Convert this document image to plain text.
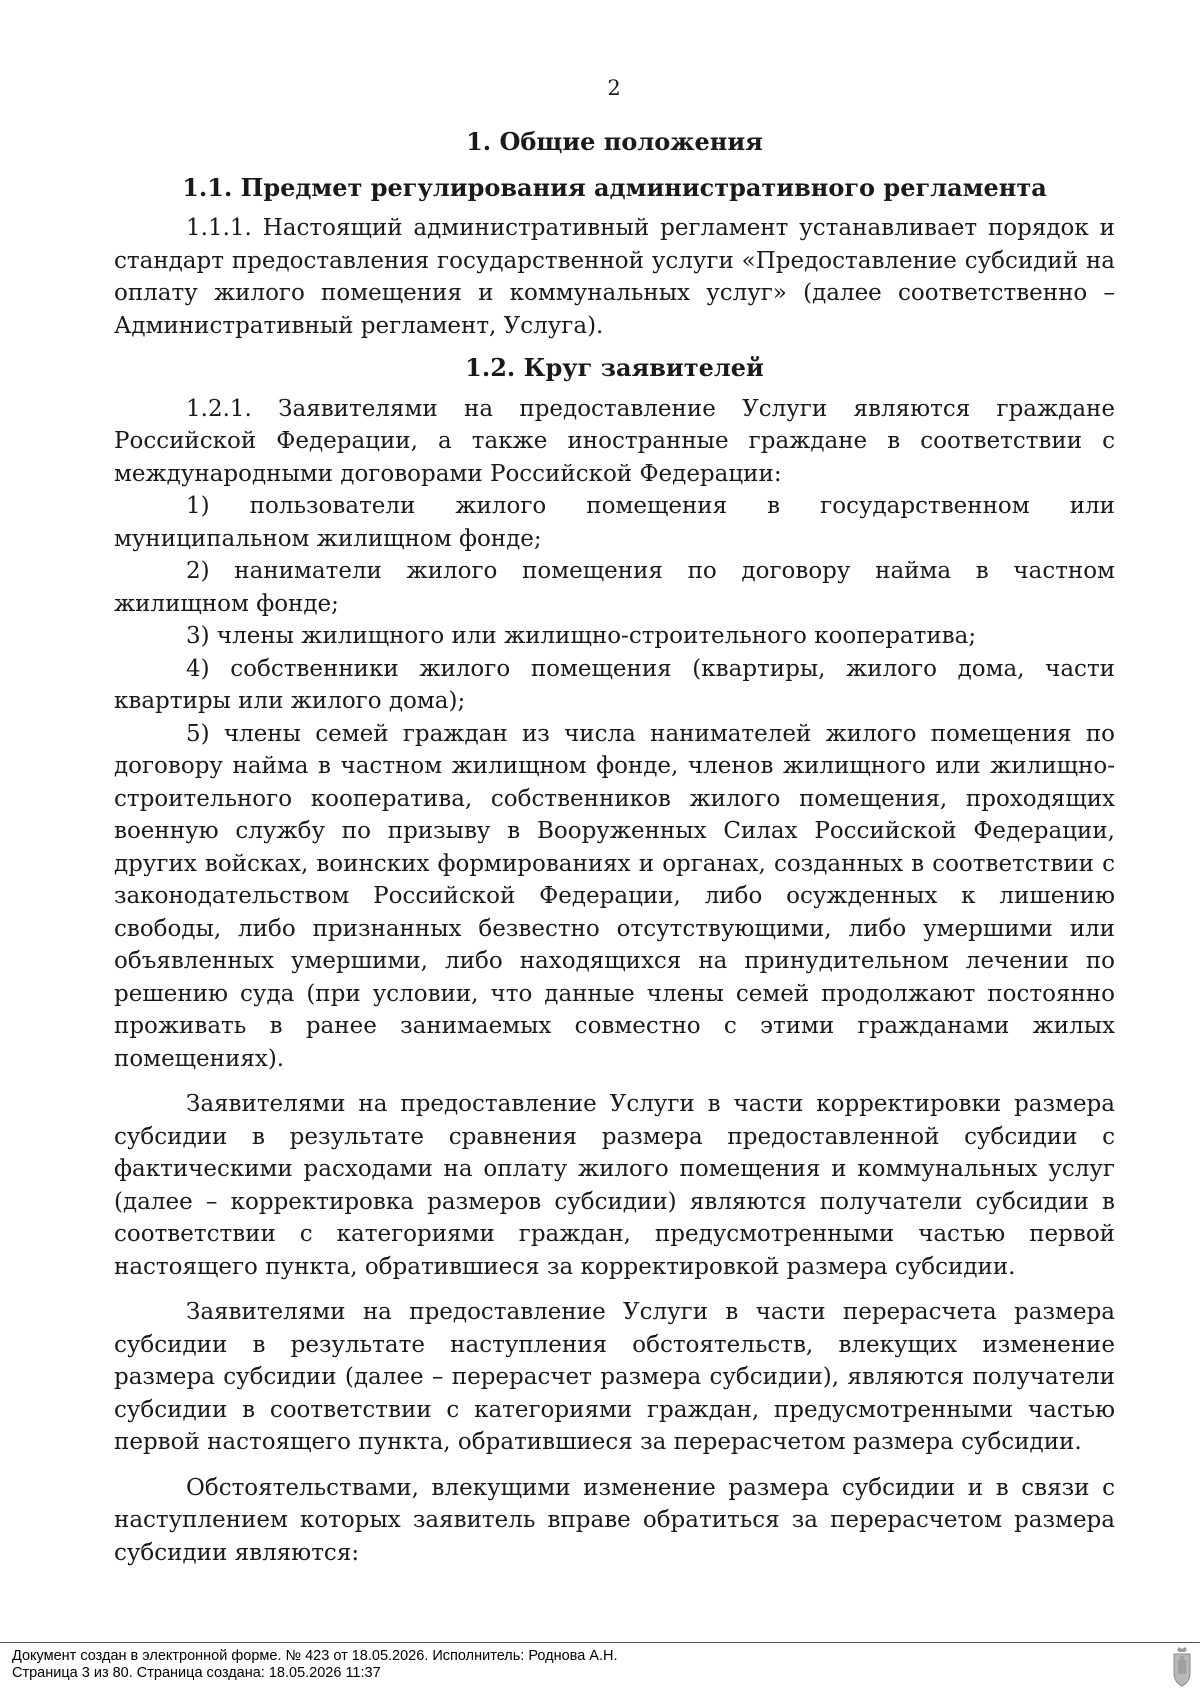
2
1. Общие положения
1.1. Предмет регулирования административного регламента

1.1.1. Настоящий административный регламент устанавливает порядок и стандарт предоставления государственной услуги «Предоставление субсидий на оплату жилого помещения и коммунальных услуг» (далее соответственно – Административный регламент, Услуга).

1.2. Круг заявителей

1.2.1. Заявителями на предоставление Услуги являются граждане Российской Федерации, а также иностранные граждане в соответствии с международными договорами Российской Федерации:

1) пользователи жилого помещения в государственном или муниципальном жилищном фонде;

2) наниматели жилого помещения по договору найма в частном жилищном фонде;

3) члены жилищного или жилищно-строительного кооператива;

4) собственники жилого помещения (квартиры, жилого дома, части квартиры или жилого дома);

5) члены семей граждан из числа нанимателей жилого помещения по договору найма в частном жилищном фонде, членов жилищного или жилищно-строительного кооператива, собственников жилого помещения, проходящих военную службу по призыву в Вооруженных Силах Российской Федерации, других войсках, воинских формированиях и органах, созданных в соответствии с законодательством Российской Федерации, либо осужденных к лишению свободы, либо признанных безвестно отсутствующими, либо умершими или объявленных умершими, либо находящихся на принудительном лечении по решению суда (при условии, что данные члены семей продолжают постоянно проживать в ранее занимаемых совместно с этими гражданами жилых помещениях).

Заявителями на предоставление Услуги в части корректировки размера субсидии в результате сравнения размера предоставленной субсидии с фактическими расходами на оплату жилого помещения и коммунальных услуг (далее – корректировка размеров субсидии) являются получатели субсидии в соответствии с категориями граждан, предусмотренными частью первой настоящего пункта, обратившиеся за корректировкой размера субсидии.

Заявителями на предоставление Услуги в части перерасчета размера субсидии в результате наступления обстоятельств, влекущих изменение размера субсидии (далее – перерасчет размера субсидии), являются получатели субсидии в соответствии с категориями граждан, предусмотренными частью первой настоящего пункта, обратившиеся за перерасчетом размера субсидии.

Обстоятельствами, влекущими изменение размера субсидии и в связи с наступлением которых заявитель вправе обратиться за перерасчетом размера субсидии являются:

Документ создан в электронной форме. № 423 от 18.05.2026. Исполнитель: Роднова А.Н.
Страница 3 из 80. Страница создана: 18.05.2026 11:37
